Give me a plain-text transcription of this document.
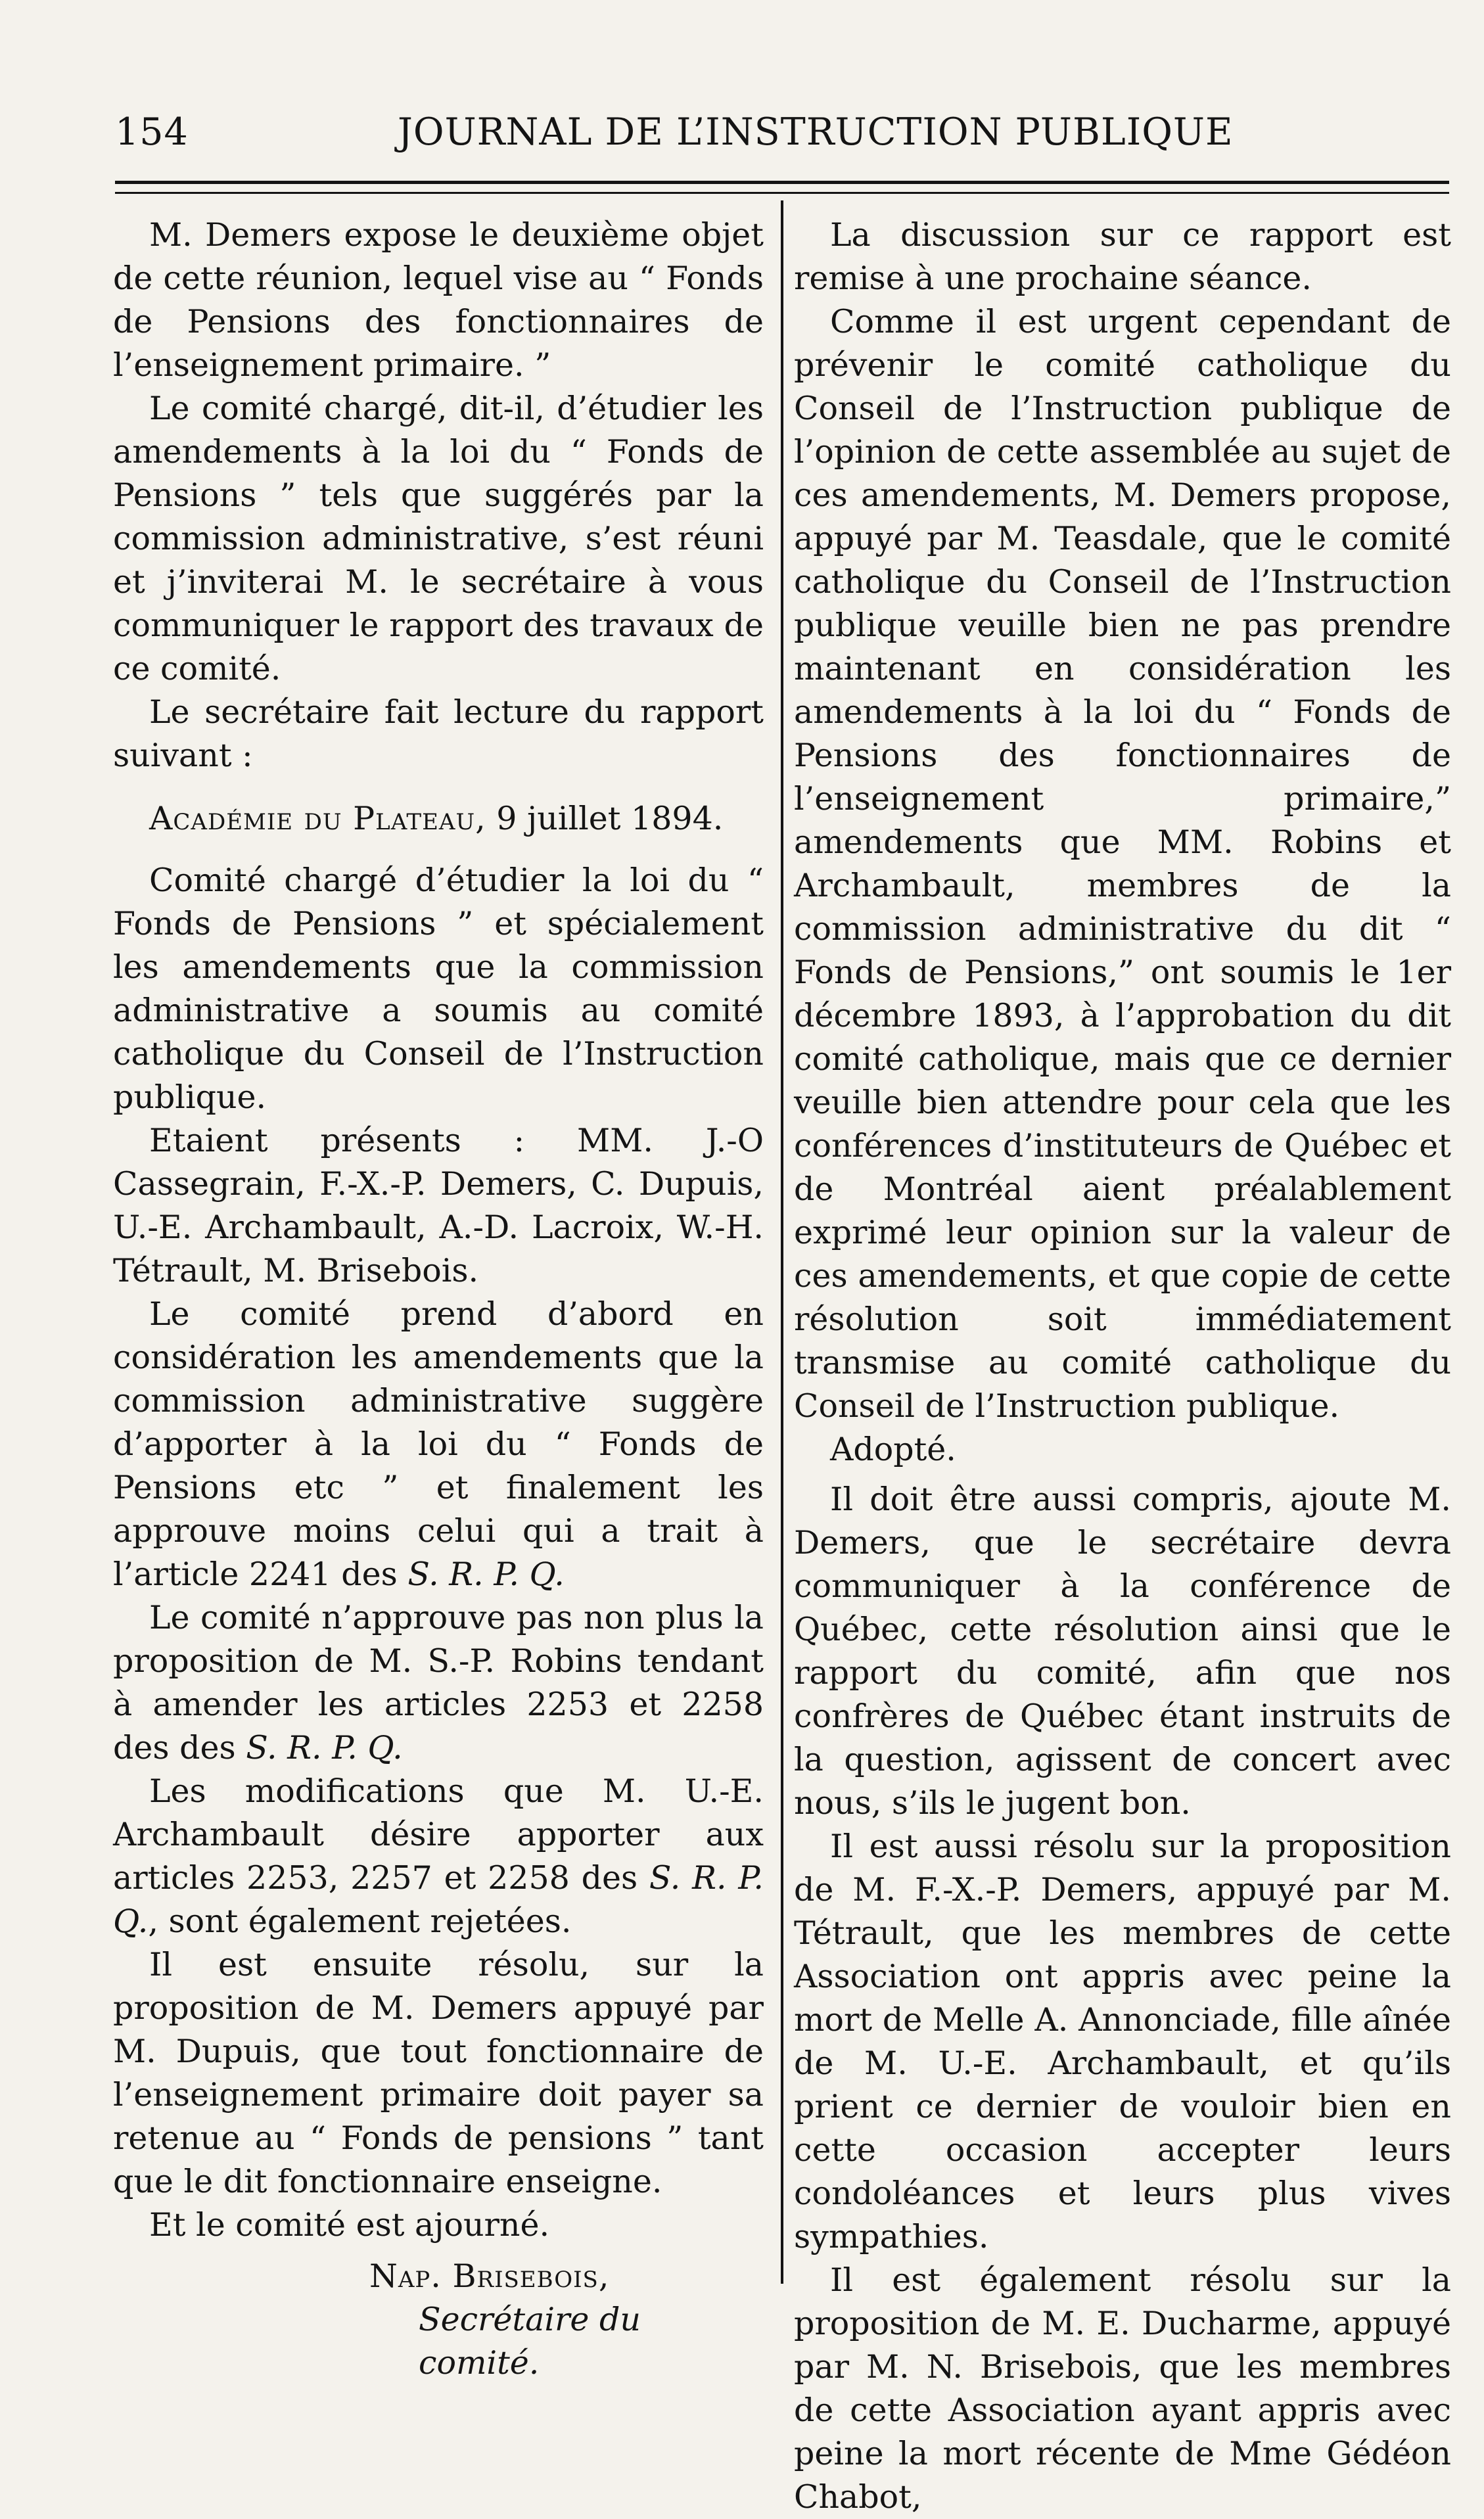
154	JOURNAL DE L’INSTRUCTION PUBLIQUE

M. Demers expose le deuxième objet de cette réunion, lequel vise au “ Fonds de Pensions des fonctionnaires de l’enseignement primaire. ”

Le comité chargé, dit-il, d’étudier les amendements à la loi du “ Fonds de Pensions ” tels que suggérés par la commission administrative, s’est réuni et j’inviterai M. le secrétaire à vous communiquer le rapport des travaux de ce comité.

Le secrétaire fait lecture du rapport suivant :

Académie du Plateau, 9 juillet 1894.

Comité chargé d’étudier la loi du “ Fonds de Pensions ” et spécialement les amendements que la commission administrative a soumis au comité catholique du Conseil de l’Instruction publique.

Etaient présents : MM. J.-O Cassegrain, F.-X.-P. Demers, C. Dupuis, U.-E. Archambault, A.-D. Lacroix, W.-H. Tétrault, M. Brisebois.

Le comité prend d’abord en considération les amendements que la commission administrative suggère d’apporter à la loi du “ Fonds de Pensions etc ” et finalement les approuve moins celui qui a trait à l’article 2241 des S. R. P. Q.

Le comité n’approuve pas non plus la proposition de M. S.-P. Robins tendant à amender les articles 2253 et 2258 des des S. R. P. Q.

Les modifications que M. U.-E. Archambault désire apporter aux articles 2253, 2257 et 2258 des S. R. P. Q., sont également rejetées.

Il est ensuite résolu, sur la proposition de M. Demers appuyé par M. Dupuis, que tout fonctionnaire de l’enseignement primaire doit payer sa retenue au “ Fonds de pensions ” tant que le dit fonctionnaire enseigne.

Et le comité est ajourné.

Nap. Brisebois,

Secrétaire du comité.

La discussion sur ce rapport est remise à une prochaine séance.

Comme il est urgent cependant de prévenir le comité catholique du Conseil de l’Instruction publique de l’opinion de cette assemblée au sujet de ces amendements, M. Demers propose, appuyé par M. Teasdale, que le comité catholique du Conseil de l’Instruction publique veuille bien ne pas prendre maintenant en considération les amendements à la loi du “ Fonds de Pensions des fonctionnaires de l’enseignement primaire,” amendements que MM. Robins et Archambault, membres de la commission administrative du dit “ Fonds de Pensions,” ont soumis le 1er décembre 1893, à l’approbation du dit comité catholique, mais que ce dernier veuille bien attendre pour cela que les conférences d’instituteurs de Québec et de Montréal aient préalablement exprimé leur opinion sur la valeur de ces amendements, et que copie de cette résolution soit immédiatement transmise au comité catholique du Conseil de l’Instruction publique.

Adopté.

Il doit être aussi compris, ajoute M. Demers, que le secrétaire devra communiquer à la conférence de Québec, cette résolution ainsi que le rapport du comité, afin que nos confrères de Québec étant instruits de la question, agissent de concert avec nous, s’ils le jugent bon.

Il est aussi résolu sur la proposition de M. F.-X.-P. Demers, appuyé par M. Tétrault, que les membres de cette Association ont appris avec peine la mort de Melle A. Annonciade, fille aînée de M. U.-E. Archambault, et qu’ils prient ce dernier de vouloir bien en cette occasion accepter leurs condoléances et leurs plus vives sympathies.

Il est également résolu sur la proposition de M. E. Ducharme, appuyé par M. N. Brisebois, que les membres de cette Association ayant appris avec peine la mort récente de Mme Gédéon Chabot,
